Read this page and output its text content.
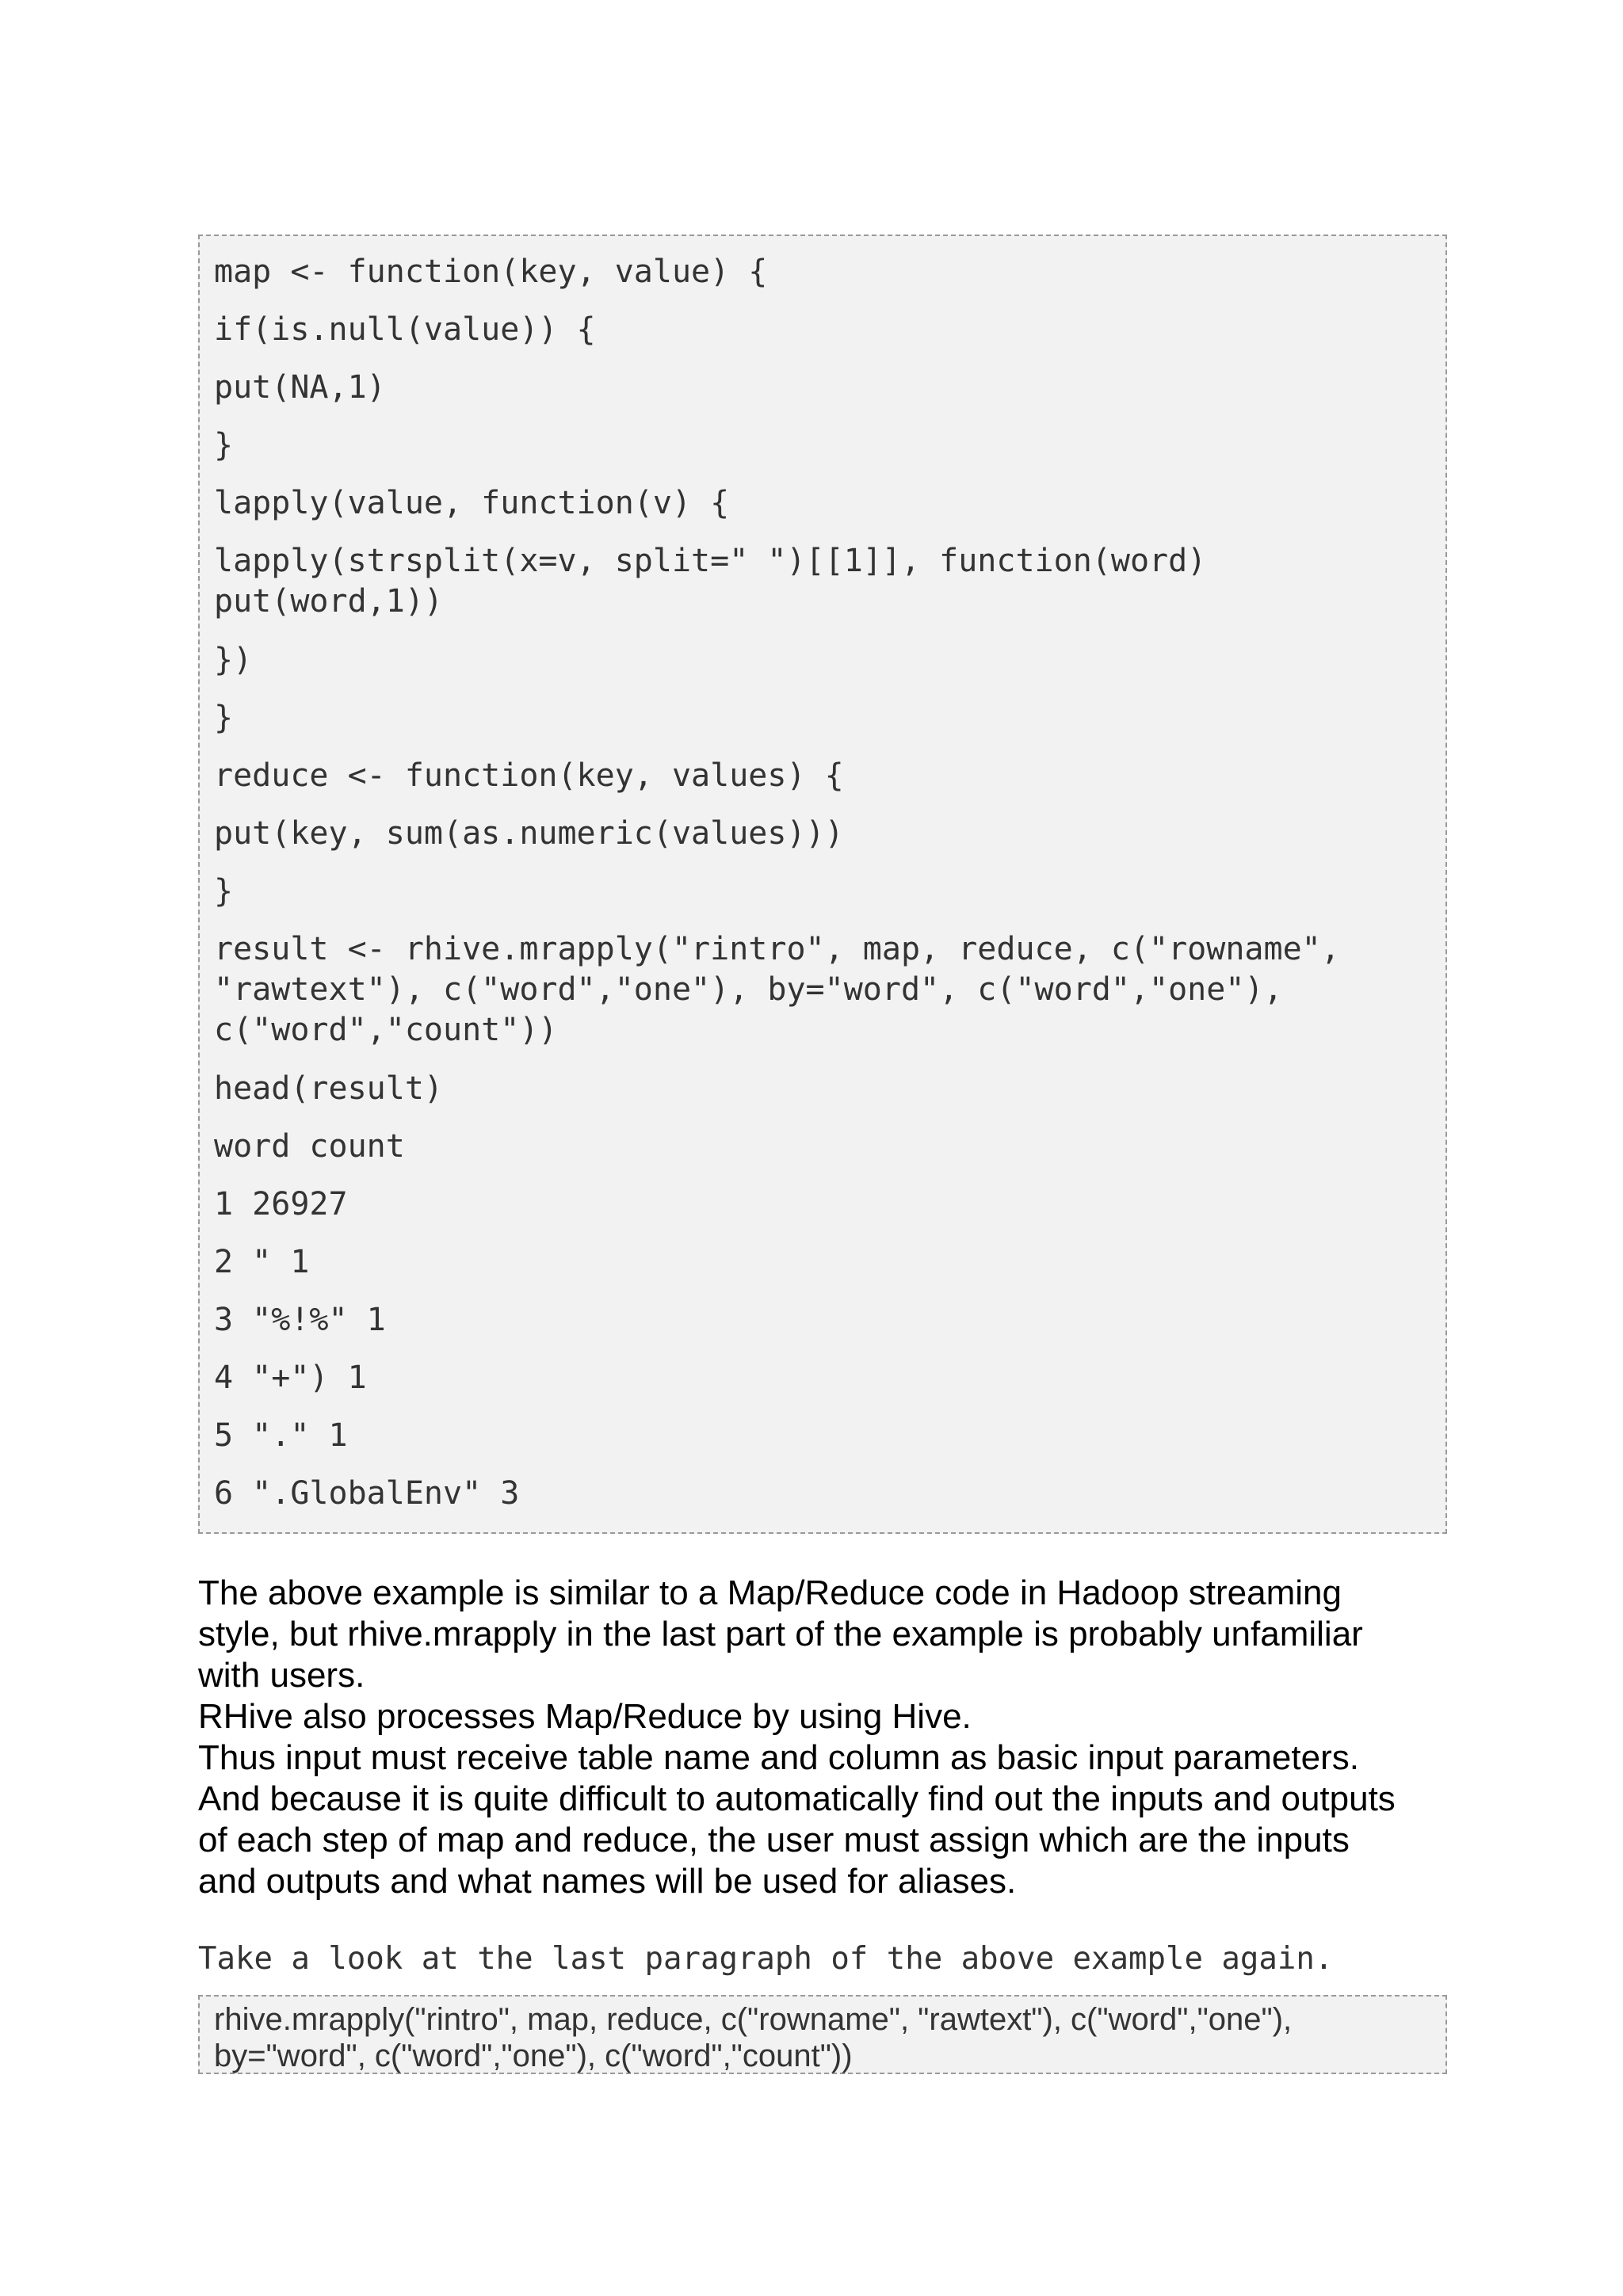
map <- function(key, value) {
if(is.null(value)) {
put(NA,1)
}
lapply(value, function(v) {
lapply(strsplit(x=v, split=" ")[[1]], function(word)
put(word,1))
})
}
reduce <- function(key, values) {
put(key, sum(as.numeric(values)))
}
result <- rhive.mrapply("rintro", map, reduce, c("rowname",
"rawtext"), c("word","one"), by="word", c("word","one"),
c("word","count"))
head(result)
word count
1 26927
2 " 1
3 "%!%" 1
4 "+") 1
5 "." 1
6 ".GlobalEnv" 3

The above example is similar to a Map/Reduce code in Hadoop streaming

style, but rhive.mrapply in the last part of the example is probably unfamiliar

with users.

RHive also processes Map/Reduce by using Hive.

Thus input must receive table name and column as basic input parameters.

And because it is quite difficult to automatically find out the inputs and outputs

of each step of map and reduce, the user must assign which are the inputs

and outputs and what names will be used for aliases.

Take a look at the last paragraph of the above example again.

rhive.mrapply("rintro", map, reduce, c("rowname", "rawtext"), c("word","one"),

by="word", c("word","one"), c("word","count"))
